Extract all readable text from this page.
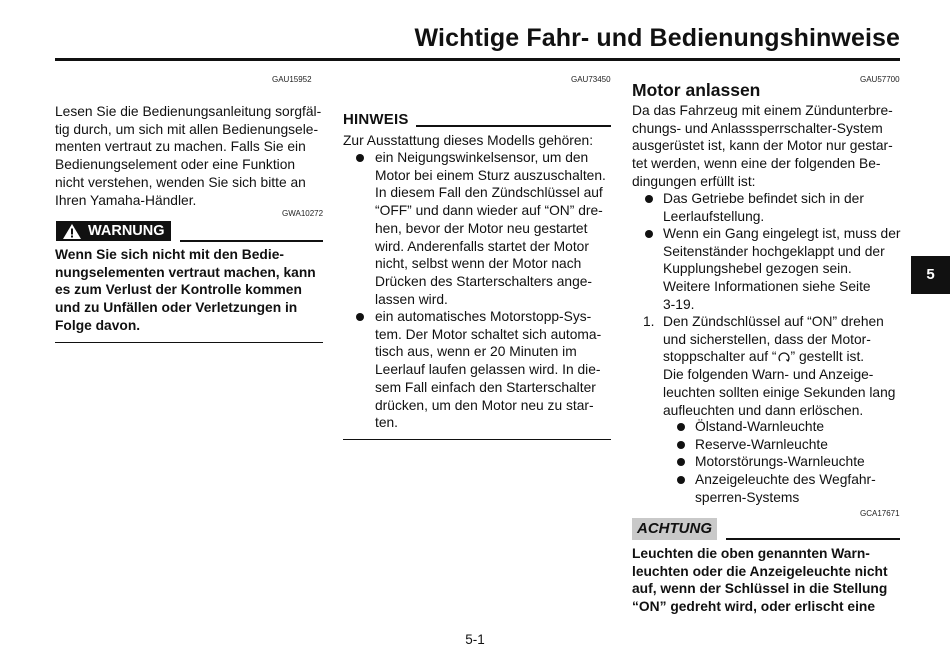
Wichtige Fahr- und Bedienungshinweise
GAU15952
Lesen Sie die Bedienungsanleitung sorgfäl-
tig durch, um sich mit allen Bedienungsele-
menten vertraut zu machen. Falls Sie ein
Bedienungselement oder eine Funktion
nicht verstehen, wenden Sie sich bitte an
Ihren Yamaha-Händler.
GWA10272
WARNUNG
Wenn Sie sich nicht mit den Bedie-
nungselementen vertraut machen, kann
es zum Verlust der Kontrolle kommen
und zu Unfällen oder Verletzungen in
Folge davon.
GAU73450
HINWEIS
Zur Ausstattung dieses Modells gehören:
ein Neigungswinkelsensor, um den
Motor bei einem Sturz auszuschalten.
In diesem Fall den Zündschlüssel auf
“OFF” und dann wieder auf “ON” dre-
hen, bevor der Motor neu gestartet
wird. Anderenfalls startet der Motor
nicht, selbst wenn der Motor nach
Drücken des Starterschalters ange-
lassen wird.
ein automatisches Motorstopp-Sys-
tem. Der Motor schaltet sich automa-
tisch aus, wenn er 20 Minuten im
Leerlauf laufen gelassen wird. In die-
sem Fall einfach den Starterschalter
drücken, um den Motor neu zu star-
ten.
GAU57700
Motor anlassen
Da das Fahrzeug mit einem Zündunterbre-
chungs- und Anlasssperrschalter-System
ausgerüstet ist, kann der Motor nur gestar-
tet werden, wenn eine der folgenden Be-
dingungen erfüllt ist:
Das Getriebe befindet sich in der
Leerlaufstellung.
Wenn ein Gang eingelegt ist, muss der
Seitenständer hochgeklappt und der
Kupplungshebel gezogen sein.
Weitere Informationen siehe Seite
3-19.
1. Den Zündschlüssel auf “ON” drehen
und sicherstellen, dass der Motor-
stoppschalter auf “ ” gestellt ist.
Die folgenden Warn- und Anzeige-
leuchten sollten einige Sekunden lang
aufleuchten und dann erlöschen.
Ölstand-Warnleuchte
Reserve-Warnleuchte
Motorstörungs-Warnleuchte
Anzeigeleuchte des Wegfahr-
sperren-Systems
GCA17671
ACHTUNG
Leuchten die oben genannten Warn-
leuchten oder die Anzeigeleuchte nicht
auf, wenn der Schlüssel in die Stellung
“ON” gedreht wird, oder erlischt eine
5
5-1
